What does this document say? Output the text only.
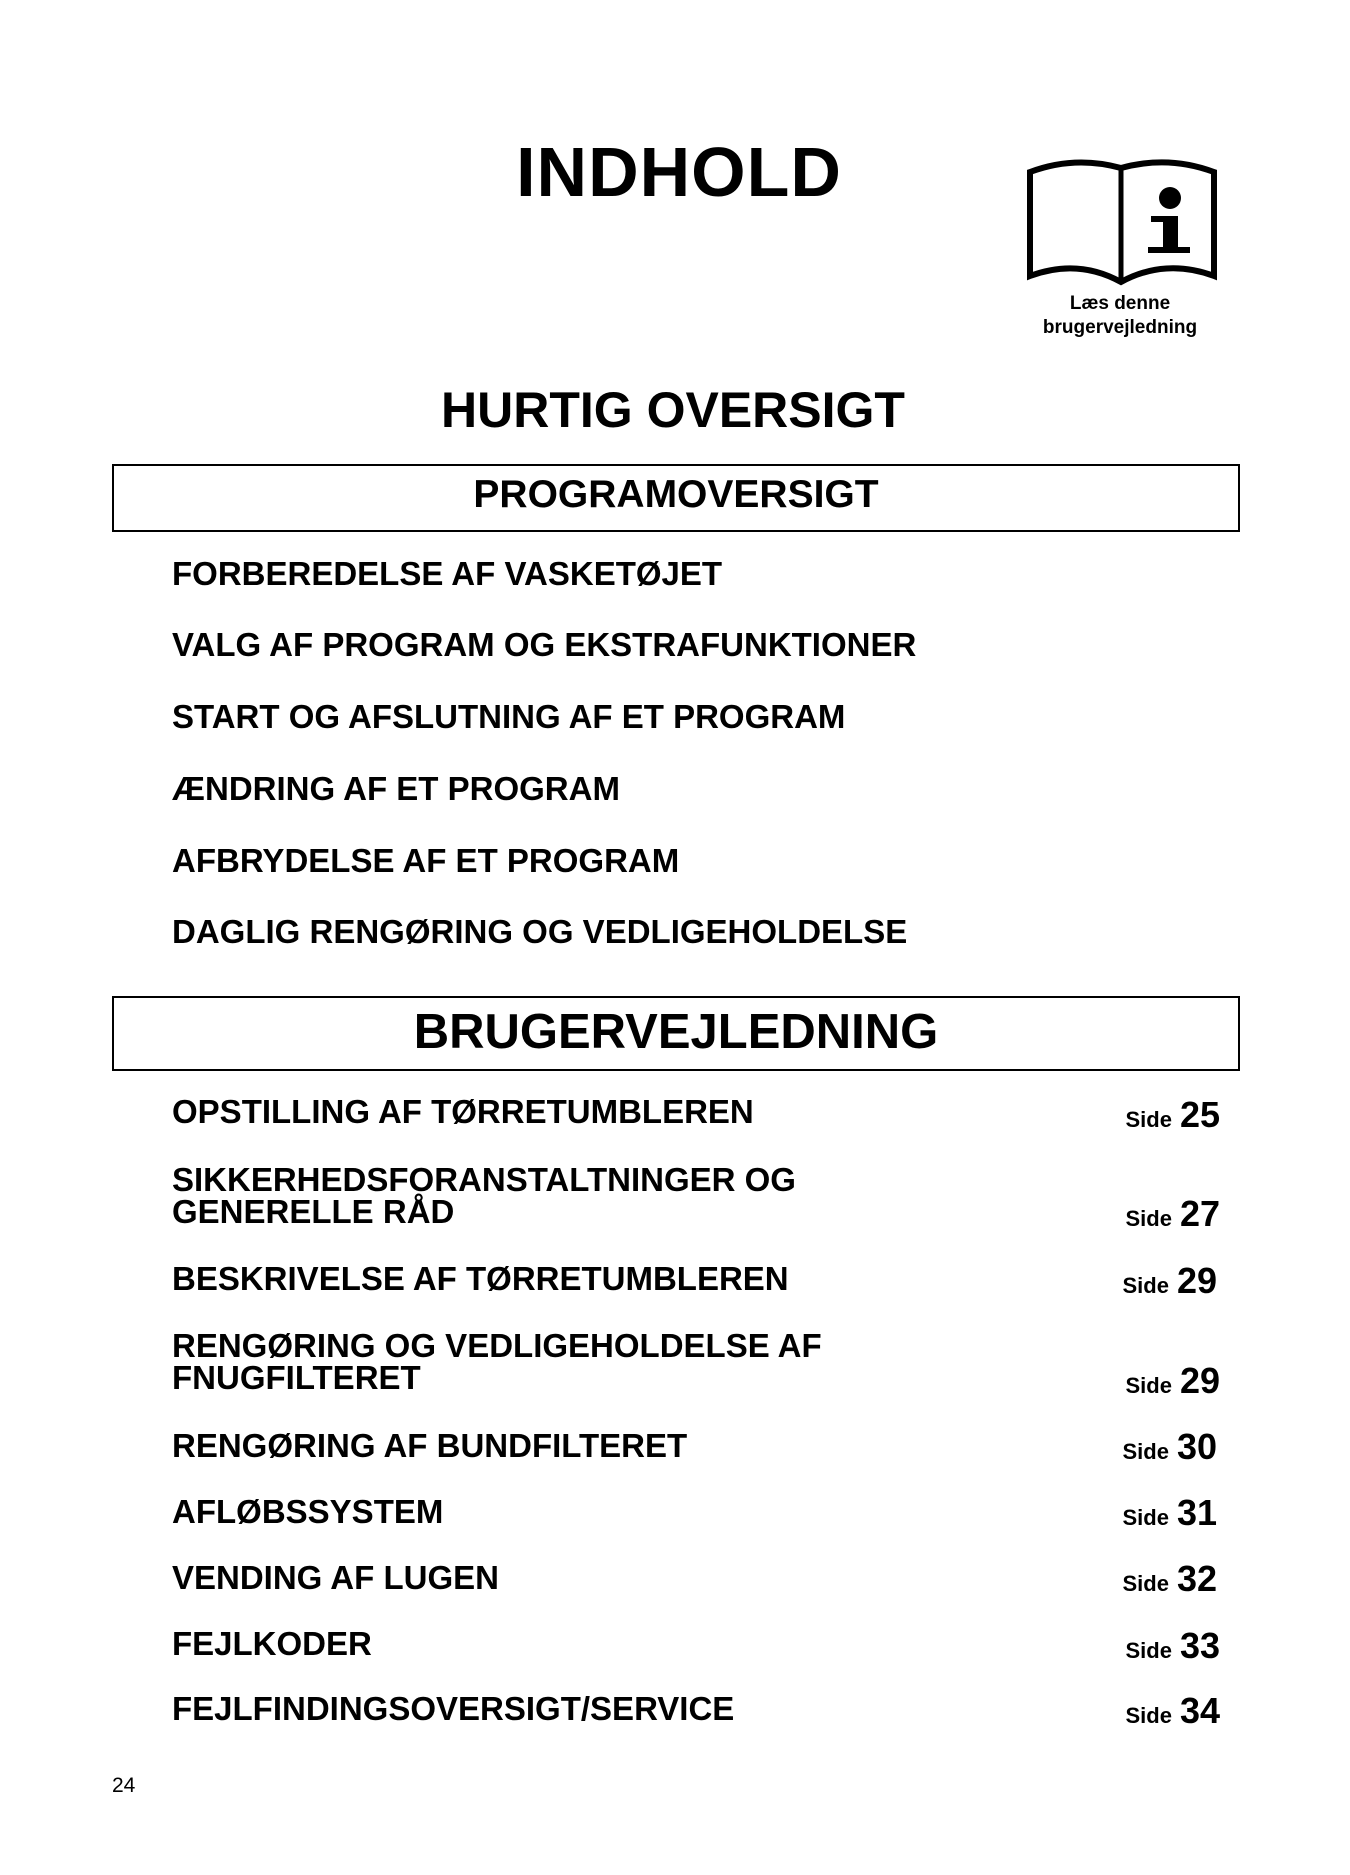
INDHOLD
Læs denne
brugervejledning
HURTIG OVERSIGT
PROGRAMOVERSIGT
FORBEREDELSE AF VASKETØJET
VALG AF PROGRAM OG EKSTRAFUNKTIONER
START OG AFSLUTNING AF ET PROGRAM
ÆNDRING AF ET PROGRAM
AFBRYDELSE AF ET PROGRAM
DAGLIG RENGØRING OG VEDLIGEHOLDELSE
BRUGERVEJLEDNING
OPSTILLING AF TØRRETUMBLEREN	Side 25
SIKKERHEDSFORANSTALTNINGER OG
GENERELLE RÅD	Side 27
BESKRIVELSE AF TØRRETUMBLEREN	Side 29
RENGØRING OG VEDLIGEHOLDELSE AF
FNUGFILTERET	Side 29
RENGØRING AF BUNDFILTERET	Side 30
AFLØBSSYSTEM	Side 31
VENDING AF LUGEN	Side 32
FEJLKODER	Side 33
FEJLFINDINGSOVERSIGT/SERVICE	Side 34
24
